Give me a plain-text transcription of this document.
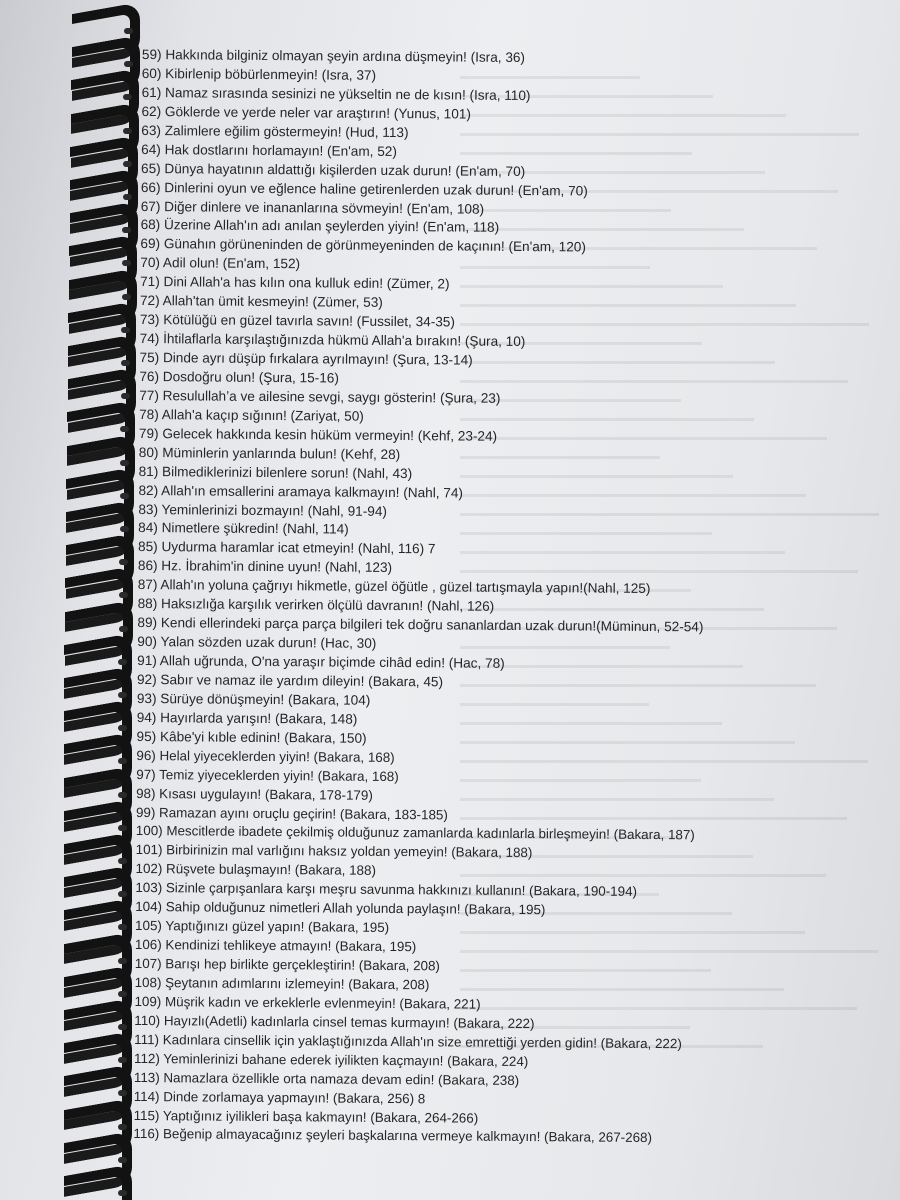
59) Hakkında bilginiz olmayan şeyin ardına düşmeyin! (Isra, 36)
60) Kibirlenip böbürlenmeyin! (Isra, 37)
61) Namaz sırasında sesinizi ne yükseltin ne de kısın! (Isra, 110)
62) Göklerde ve yerde neler var araştırın! (Yunus, 101)
63) Zalimlere eğilim göstermeyin! (Hud, 113)
64) Hak dostlarını horlamayın! (En'am, 52)
65) Dünya hayatının aldattığı kişilerden uzak durun! (En'am, 70)
66) Dinlerini oyun ve eğlence haline getirenlerden uzak durun! (En'am, 70)
67) Diğer dinlere ve inananlarına sövmeyin! (En'am, 108)
68) Üzerine Allah'ın adı anılan şeylerden yiyin! (En'am, 118)
69) Günahın görüneninden de görünmeyeninden de kaçının! (En'am, 120)
70) Adil olun! (En'am, 152)
71) Dini Allah'a has kılın ona kulluk edin! (Zümer, 2)
72) Allah'tan ümit kesmeyin! (Zümer, 53)
73) Kötülüğü en güzel tavırla savın! (Fussilet, 34-35)
74) İhtilaflarla karşılaştığınızda hükmü Allah'a bırakın! (Şura, 10)
75) Dinde ayrı düşüp fırkalara ayrılmayın! (Şura, 13-14)
76) Dosdoğru olun! (Şura, 15-16)
77) Resulullah’a ve ailesine sevgi, saygı gösterin! (Şura, 23)
78) Allah'a kaçıp sığının! (Zariyat, 50)
79) Gelecek hakkında kesin hüküm vermeyin! (Kehf, 23-24)
80) Müminlerin yanlarında bulun! (Kehf, 28)
81) Bilmediklerinizi bilenlere sorun! (Nahl, 43)
82) Allah'ın emsallerini aramaya kalkmayın! (Nahl, 74)
83) Yeminlerinizi bozmayın! (Nahl, 91-94)
84) Nimetlere şükredin! (Nahl, 114)
85) Uydurma haramlar icat etmeyin! (Nahl, 116) 7
86) Hz. İbrahim'in dinine uyun! (Nahl, 123)
87) Allah'ın yoluna çağrıyı hikmetle, güzel öğütle , güzel tartışmayla yapın!(Nahl, 125)
88) Haksızlığa karşılık verirken ölçülü davranın! (Nahl, 126)
89) Kendi ellerindeki parça parça bilgileri tek doğru sananlardan uzak durun!(Müminun, 52-54)
90) Yalan sözden uzak durun! (Hac, 30)
91) Allah uğrunda, O'na yaraşır biçimde cihâd edin! (Hac, 78)
92) Sabır ve namaz ile yardım dileyin! (Bakara, 45)
93) Sürüye dönüşmeyin! (Bakara, 104)
94) Hayırlarda yarışın! (Bakara, 148)
95) Kâbe'yi kıble edinin! (Bakara, 150)
96) Helal yiyeceklerden yiyin! (Bakara, 168)
97) Temiz yiyeceklerden yiyin! (Bakara, 168)
98) Kısası uygulayın! (Bakara, 178-179)
99) Ramazan ayını oruçlu geçirin! (Bakara, 183-185)
100) Mescitlerde ibadete çekilmiş olduğunuz zamanlarda kadınlarla birleşmeyin! (Bakara, 187)
101) Birbirinizin mal varlığını haksız yoldan yemeyin! (Bakara, 188)
102) Rüşvete bulaşmayın! (Bakara, 188)
103) Sizinle çarpışanlara karşı meşru savunma hakkınızı kullanın! (Bakara, 190-194)
104) Sahip olduğunuz nimetleri Allah yolunda paylaşın! (Bakara, 195)
105) Yaptığınızı güzel yapın! (Bakara, 195)
106) Kendinizi tehlikeye atmayın! (Bakara, 195)
107) Barışı hep birlikte gerçekleştirin! (Bakara, 208)
108) Şeytanın adımlarını izlemeyin! (Bakara, 208)
109) Müşrik kadın ve erkeklerle evlenmeyin! (Bakara, 221)
110) Hayızlı(Adetli) kadınlarla cinsel temas kurmayın! (Bakara, 222)
111) Kadınlara cinsellik için yaklaştığınızda Allah'ın size emrettiği yerden gidin! (Bakara, 222)
112) Yeminlerinizi bahane ederek iyilikten kaçmayın! (Bakara, 224)
113) Namazlara özellikle orta namaza devam edin! (Bakara, 238)
114) Dinde zorlamaya yapmayın! (Bakara, 256) 8
115) Yaptığınız iyilikleri başa kakmayın! (Bakara, 264-266)
116) Beğenip almayacağınız şeyleri başkalarına vermeye kalkmayın! (Bakara, 267-268)
